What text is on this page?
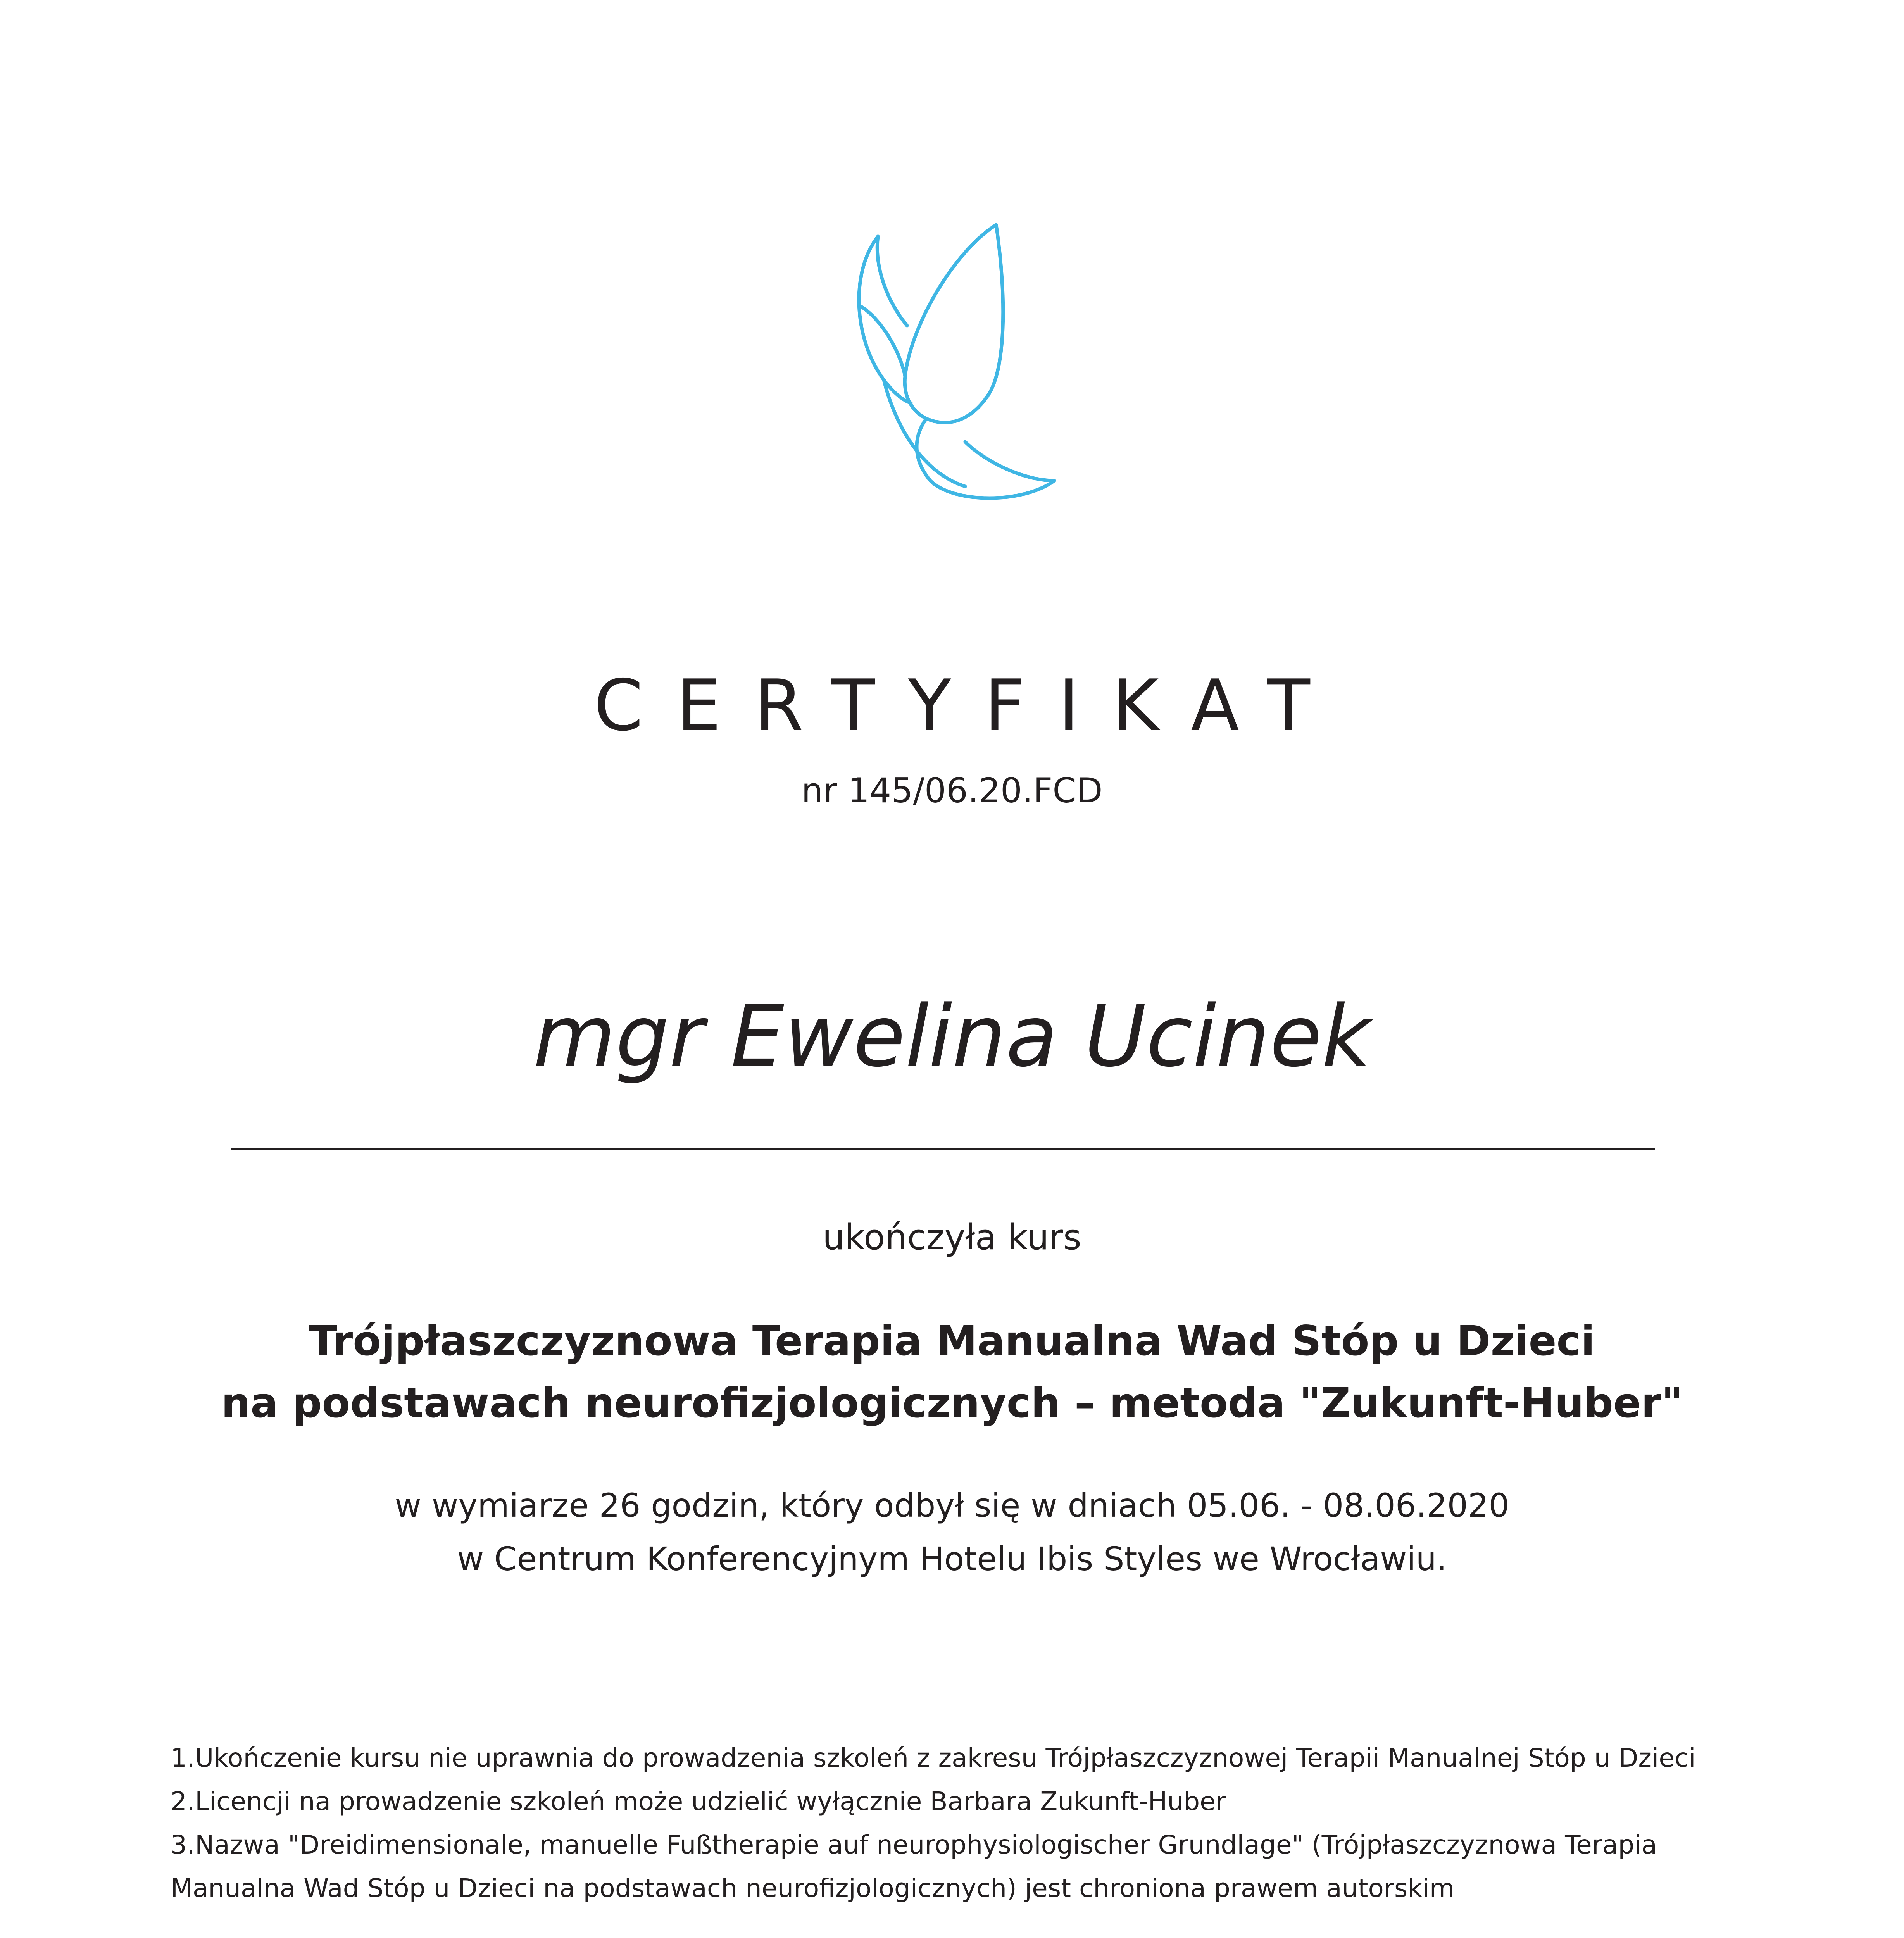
CERTYFIKAT
nr 145/06.20.FCD
mgr Ewelina Ucinek
ukończyła kurs
Trójpłaszczyznowa Terapia Manualna Wad Stóp u Dzieci
na podstawach neurofizjologicznych – metoda "Zukunft-Huber"
w wymiarze 26 godzin, który odbył się w dniach 05.06. - 08.06.2020
w Centrum Konferencyjnym Hotelu Ibis Styles we Wrocławiu.
1.Ukończenie kursu nie uprawnia do prowadzenia szkoleń z zakresu Trójpłaszczyznowej Terapii Manualnej Stóp u Dzieci
2.Licencji na prowadzenie szkoleń może udzielić wyłącznie Barbara Zukunft-Huber
3.Nazwa "Dreidimensionale, manuelle Fußtherapie auf neurophysiologischer Grundlage" (Trójpłaszczyznowa Terapia
Manualna Wad Stóp u Dzieci na podstawach neurofizjologicznych) jest chroniona prawem autorskim
